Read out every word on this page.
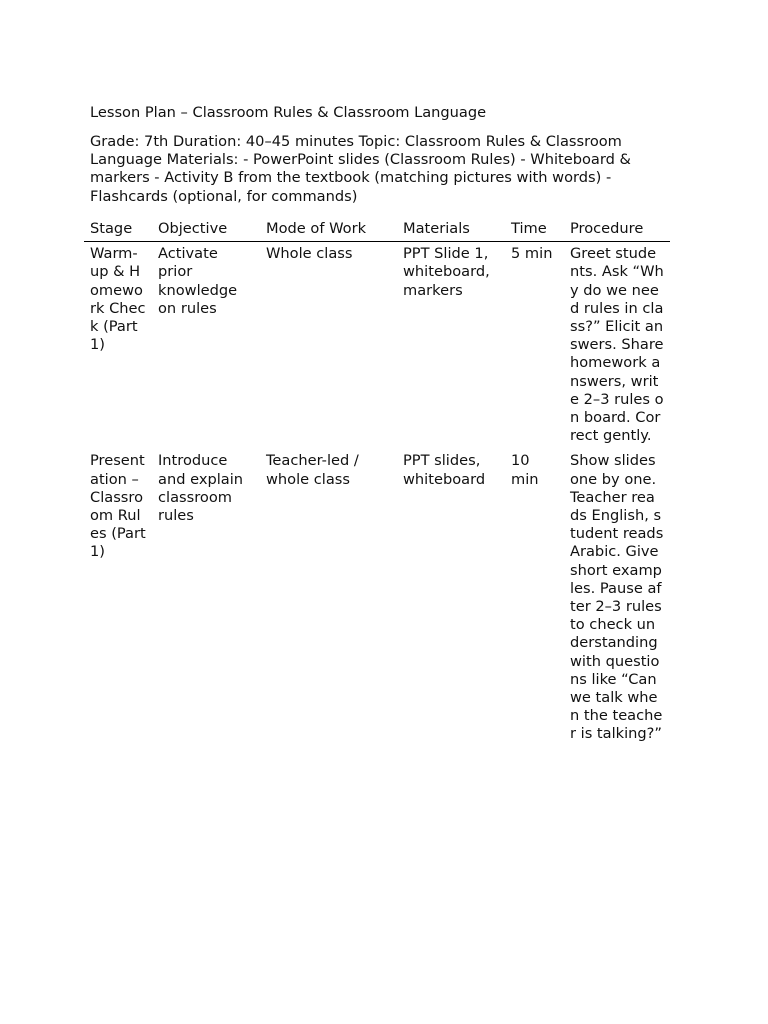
Lesson Plan – Classroom Rules & Classroom Language

Grade: 7th Duration: 40–45 minutes Topic: Classroom Rules & Classroom Language Materials: - PowerPoint slides (Classroom Rules) - Whiteboard & markers - Activity B from the textbook (matching pictures with words) - Flashcards (optional, for commands)

Stage	Objective	Mode of Work	Materials	Time	Procedure
Warm-up & Homework Check (Part 1)	Activate prior knowledge on rules	Whole class	PPT Slide 1, whiteboard, markers	5 min	Greet students. Ask “Why do we need rules in class?” Elicit answers. Share homework answers, write 2–3 rules on board. Correct gently.
Presentation – Classroom Rules (Part 1)	Introduce and explain classroom rules	Teacher-led / whole class	PPT slides, whiteboard	10 min	Show slides one by one. Teacher reads English, student reads Arabic. Give short examples. Pause after 2–3 rules to check understanding with questions like “Can we talk when the teacher is talking?”
